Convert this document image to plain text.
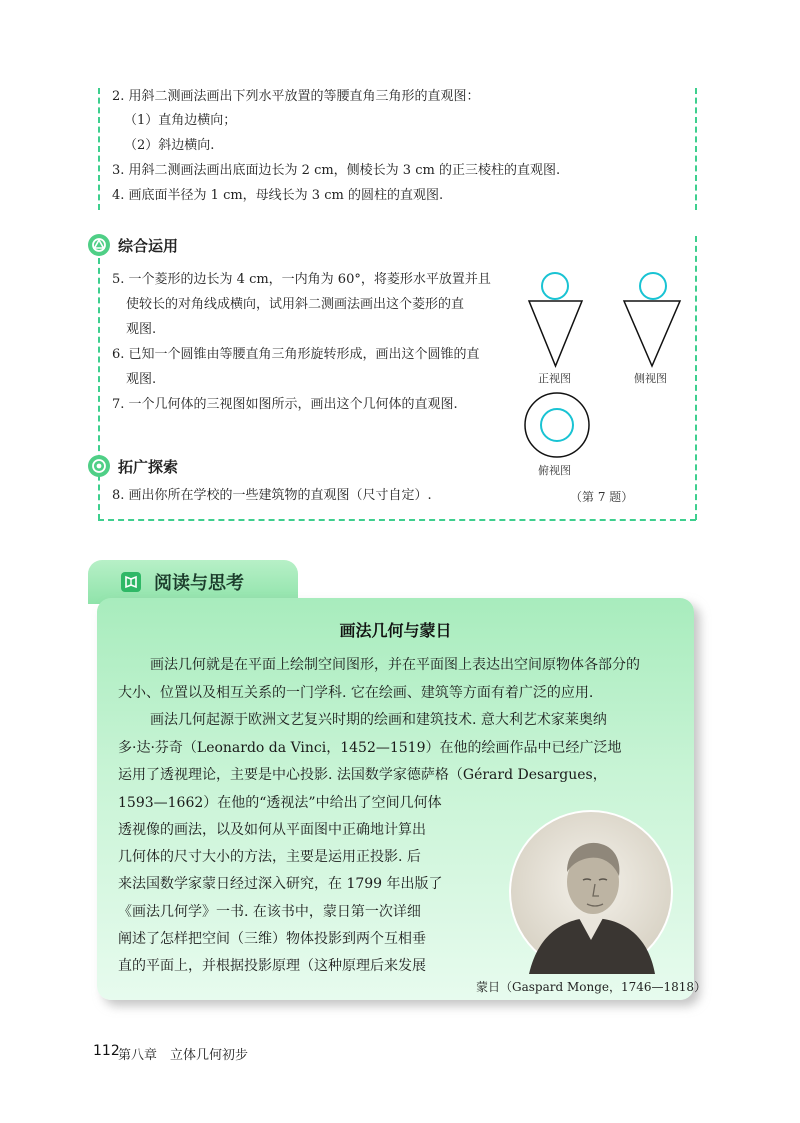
2. 用斜二测画法画出下列水平放置的等腰直角三角形的直观图：
（1）直角边横向；
（2）斜边横向.
3. 用斜二测画法画出底面边长为 2 cm，侧棱长为 3 cm 的正三棱柱的直观图.
4. 画底面半径为 1 cm，母线长为 3 cm 的圆柱的直观图.
综合运用
5. 一个菱形的边长为 4 cm，一内角为 60°，将菱形水平放置并且
使较长的对角线成横向，试用斜二测画法画出这个菱形的直
观图.
6. 已知一个圆锥由等腰直角三角形旋转形成，画出这个圆锥的直
观图.
7. 一个几何体的三视图如图所示，画出这个几何体的直观图.
正视图	侧视图
俯视图
（第 7 题）
拓广探索
8. 画出你所在学校的一些建筑物的直观图（尺寸自定）.
阅读与思考
画法几何与蒙日
画法几何就是在平面上绘制空间图形，并在平面图上表达出空间原物体各部分的
大小、位置以及相互关系的一门学科. 它在绘画、建筑等方面有着广泛的应用.
画法几何起源于欧洲文艺复兴时期的绘画和建筑技术. 意大利艺术家莱奥纳
多·达·芬奇（Leonardo da Vinci，1452—1519）在他的绘画作品中已经广泛地
运用了透视理论，主要是中心投影. 法国数学家德萨格（Gérard Desargues，
1593—1662）在他的“透视法”中给出了空间几何体
透视像的画法，以及如何从平面图中正确地计算出
几何体的尺寸大小的方法，主要是运用正投影. 后
来法国数学家蒙日经过深入研究，在 1799 年出版了
《画法几何学》一书. 在该书中，蒙日第一次详细
阐述了怎样把空间（三维）物体投影到两个互相垂
直的平面上，并根据投影原理（这种原理后来发展
蒙日（Gaspard Monge，1746—1818）
112
第八章　立体几何初步
